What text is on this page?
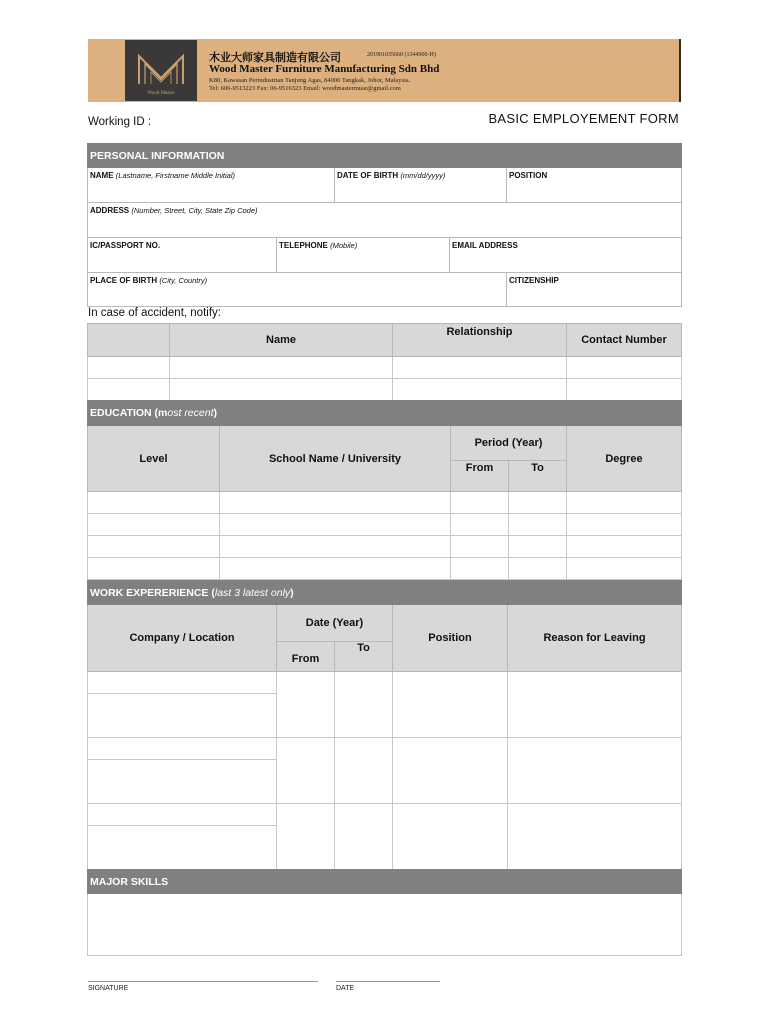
Wood Master
木业大师家具制造有限公司	201901035660 (1344900-H)
Wood Master Furniture Manufacturing Sdn Bhd
K80, Kawasan Perindustrian Tanjung Agas, 84000 Tangkak, Johor, Malaysia.
Tel: 606-9513223 Fax: 06-9516323 Email: woodmastermuar@gmail.com
Working ID :	BASIC EMPLOYEMENT FORM
PERSONAL INFORMATION				
NAME (Lastname, Firstname Middle Initial)		DATE OF BIRTH (mm/dd/yyyy)		POSITION
ADDRESS (Number, Street, City, State Zip Code)				
IC/PASSPORT NO.	TELEPHONE (Mobile)		EMAIL ADDRESS	
PLACE OF BIRTH (City, Country)				CITIZENSHIP
In case of accident, notify:
	Name	Relationship	Contact Number

EDUCATION (most recent)				
Level	School Name / University	Period (Year)		Degree
		From	To	

WORK EXPERERIENCE (last 3 latest only)				
Company / Location	Date (Year)		Position	Reason for Leaving
	From	To		

MAJOR SKILLS

SIGNATURE	DATE
